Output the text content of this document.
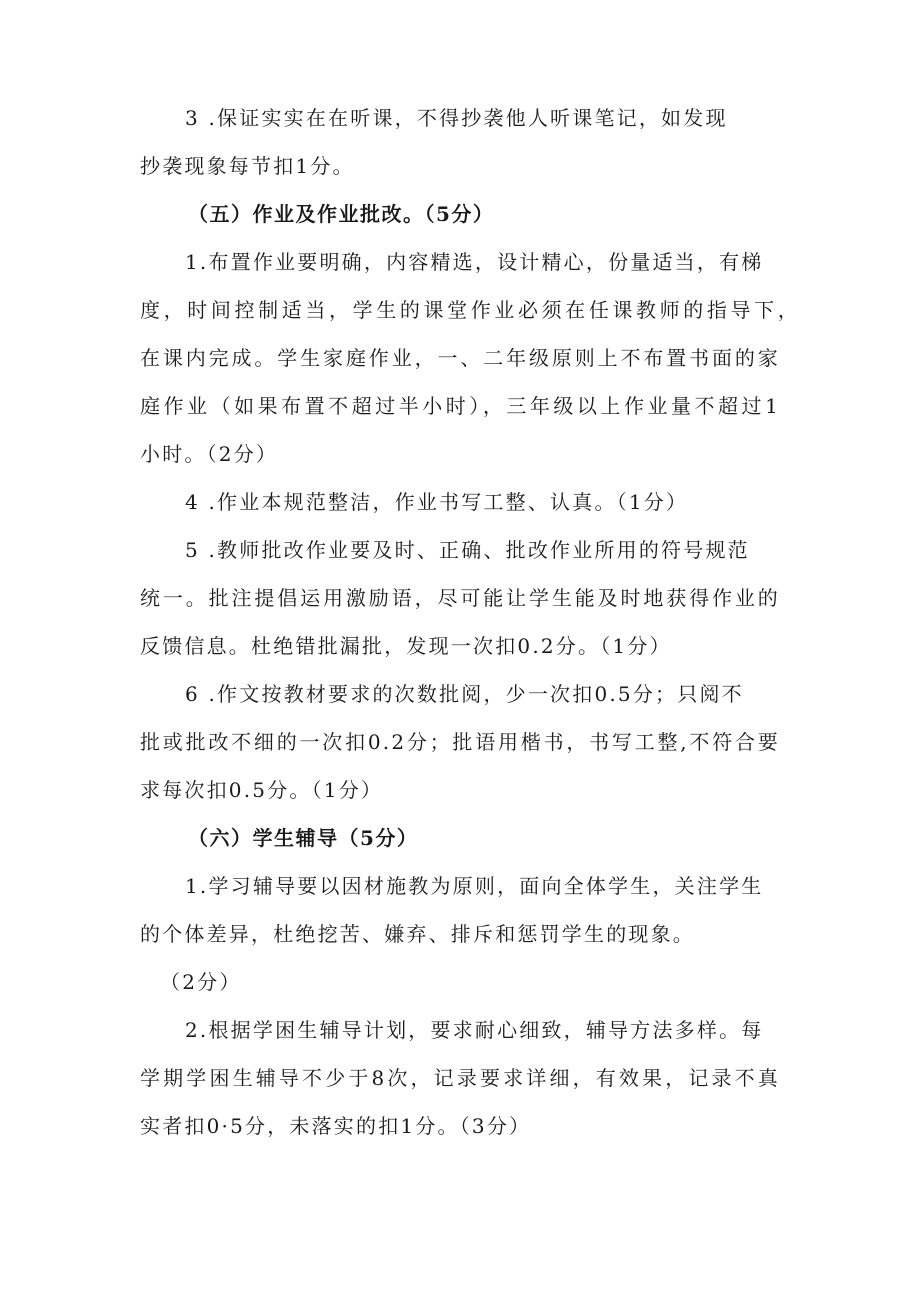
3 .保证实实在在听课，不得抄袭他人听课笔记，如发现
抄袭现象每节扣1分。
（五）作业及作业批改。（5分）
1.布置作业要明确，内容精选，设计精心，份量适当，有梯
度，时间控制适当，学生的课堂作业必须在任课教师的指导下，
在课内完成。学生家庭作业，一、二年级原则上不布置书面的家
庭作业（如果布置不超过半小时），三年级以上作业量不超过1
小时。（2分）
4 .作业本规范整洁，作业书写工整、认真。（1分）
5 .教师批改作业要及时、正确、批改作业所用的符号规范
统一。批注提倡运用激励语，尽可能让学生能及时地获得作业的
反馈信息。杜绝错批漏批，发现一次扣0.2分。（1分）
6 .作文按教材要求的次数批阅，少一次扣0.5分；只阅不
批或批改不细的一次扣0.2分；批语用楷书，书写工整,不符合要
求每次扣0.5分。（1分）
（六）学生辅导（5分）
1.学习辅导要以因材施教为原则，面向全体学生，关注学生
的个体差异，杜绝挖苦、嫌弃、排斥和惩罚学生的现象。
（2分）
2.根据学困生辅导计划，要求耐心细致，辅导方法多样。每
学期学困生辅导不少于8次，记录要求详细，有效果，记录不真
实者扣0·5分，未落实的扣1分。（3分）
